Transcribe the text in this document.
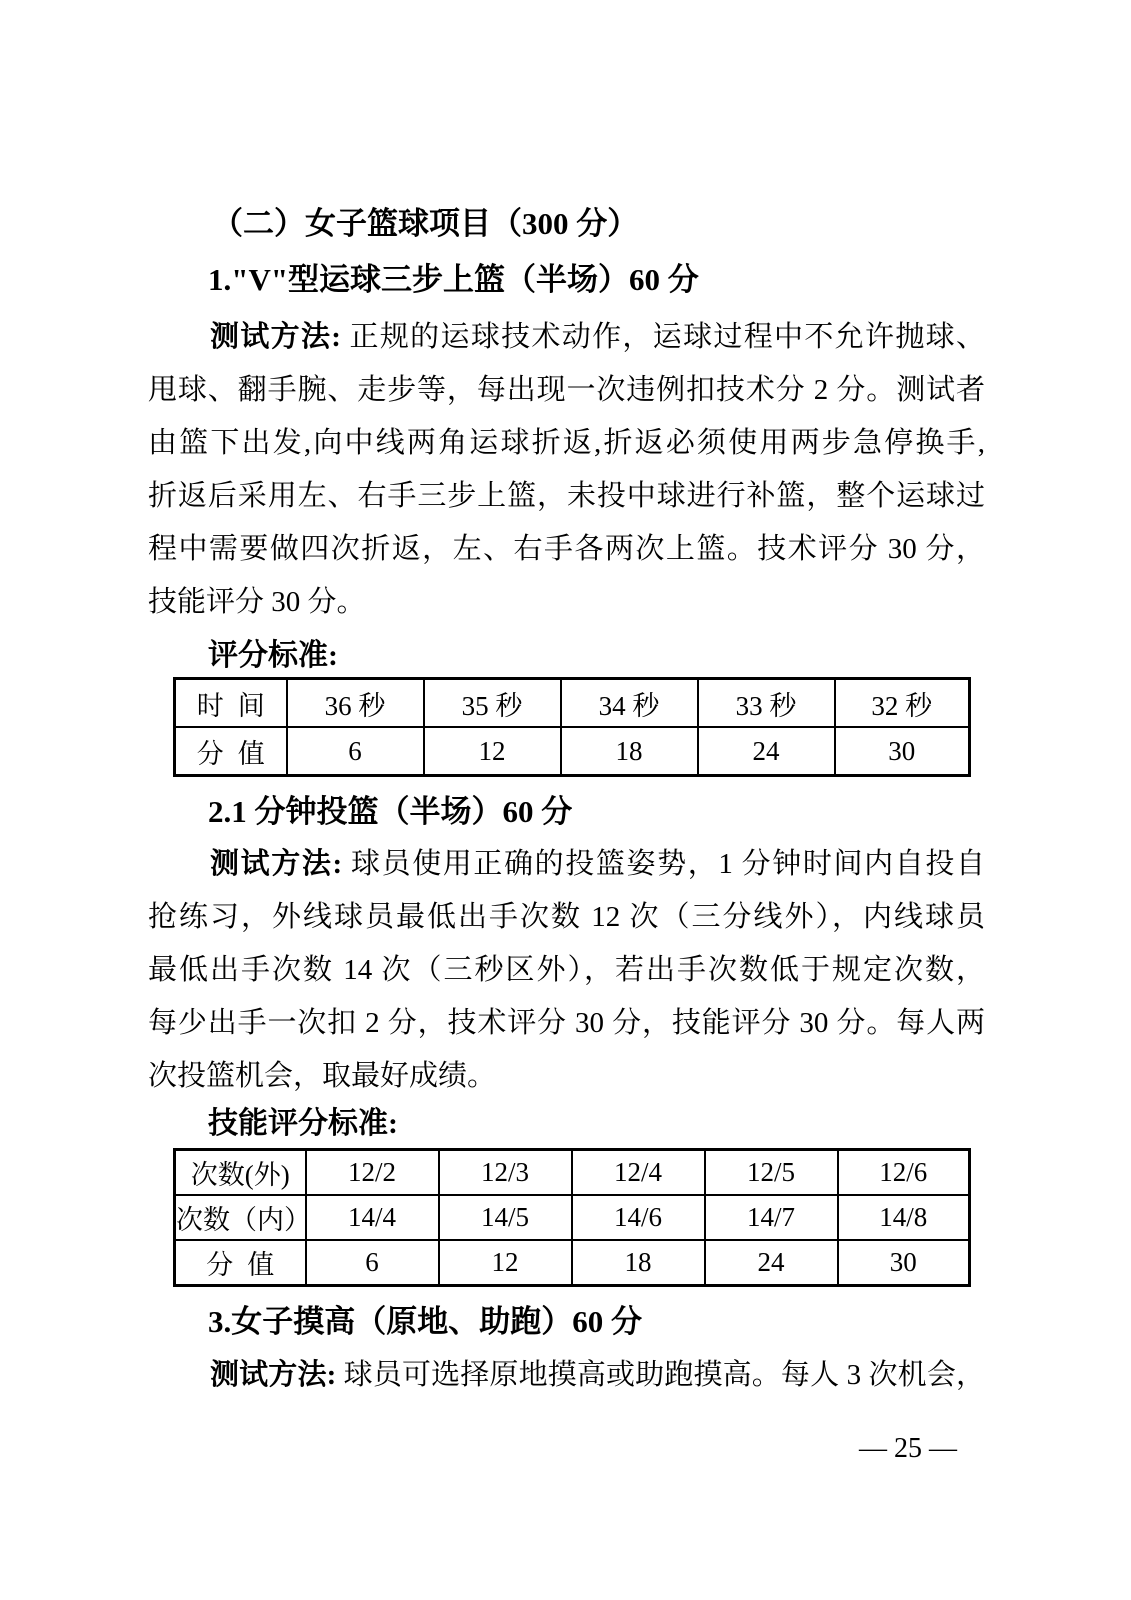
（二）女子篮球项目（300 分）
1."V"型运球三步上篮（半场）60 分
测试方法: 正规的运球技术动作，运球过程中不允许抛球、
甩球、翻手腕、走步等，每出现一次违例扣技术分 2 分。测试者
由篮下出发,向中线两角运球折返,折返必须使用两步急停换手,
折返后采用左、右手三步上篮，未投中球进行补篮，整个运球过
程中需要做四次折返，左、右手各两次上篮。技术评分 30 分，
技能评分 30 分。
评分标准:
时间	36 秒	35 秒	34 秒	33 秒	32 秒
分值	6	12	18	24	30
2.1 分钟投篮（半场）60 分
测试方法: 球员使用正确的投篮姿势，1 分钟时间内自投自
抢练习，外线球员最低出手次数 12 次（三分线外），内线球员
最低出手次数 14 次（三秒区外），若出手次数低于规定次数，
每少出手一次扣 2 分，技术评分 30 分，技能评分 30 分。每人两
次投篮机会，取最好成绩。
技能评分标准:
次数(外)	12/2	12/3	12/4	12/5	12/6
次数（内）	14/4	14/5	14/6	14/7	14/8
分值	6	12	18	24	30
3.女子摸高（原地、助跑）60 分
测试方法: 球员可选择原地摸高或助跑摸高。每人 3 次机会，
— 25 —
